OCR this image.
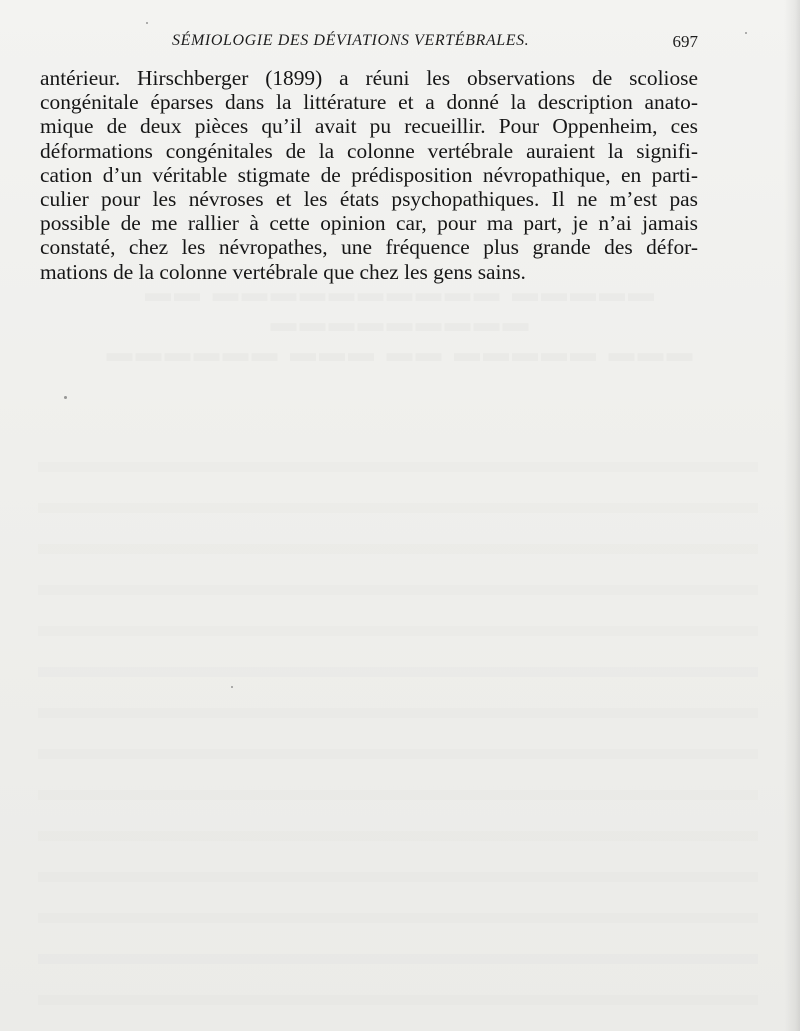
▬▬▬▬▬ ▬▬▬▬▬▬▬▬▬▬ ▬▬ ▬▬▬▬▬▬▬▬▬
▬▬▬ ▬▬▬▬▬ ▬▬ ▬▬▬ ▬▬▬▬▬▬
SÉMIOLOGIE DES DÉVIATIONS VERTÉBRALES.	697
antérieur. Hirschberger (1899) a réuni les observations de scoliose
congénitale éparses dans la littérature et a donné la description anato-
mique de deux pièces qu’il avait pu recueillir. Pour Oppenheim, ces
déformations congénitales de la colonne vertébrale auraient la signifi-
cation d’un véritable stigmate de prédisposition névropathique, en parti-
culier pour les névroses et les états psychopathiques. Il ne m’est pas
possible de me rallier à cette opinion car, pour ma part, je n’ai jamais
constaté, chez les névropathes, une fréquence plus grande des défor-
mations de la colonne vertébrale que chez les gens sains.
